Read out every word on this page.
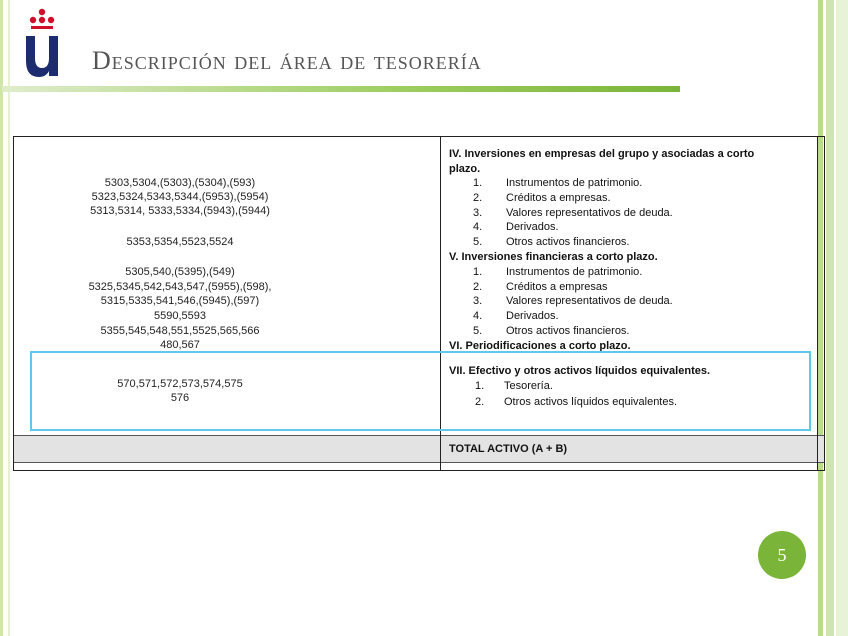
Descripción del área de tesorería
5303,5304,(5303),(5304),(593)
5323,5324,5343,5344,(5953),(5954)
5313,5314, 5333,5334,(5943),(5944)
5353,5354,5523,5524
5305,540,(5395),(549)
5325,5345,542,543,547,(5955),(598),
5315,5335,541,546,(5945),(597)
5590,5593
5355,545,548,551,5525,565,566
480,567
570,571,572,573,574,575
576
IV. Inversiones en empresas del grupo y asociadas a corto
plazo.
1. Instrumentos de patrimonio.
2. Créditos a empresas.
3. Valores representativos de deuda.
4. Derivados.
5. Otros activos financieros.
V. Inversiones financieras a corto plazo.
1. Instrumentos de patrimonio.
2. Créditos a empresas
3. Valores representativos de deuda.
4. Derivados.
5. Otros activos financieros.
VI. Periodificaciones a corto plazo.
VII. Efectivo y otros activos líquidos equivalentes.
1. Tesorería.
2. Otros activos líquidos equivalentes.
TOTAL ACTIVO (A + B)
5
